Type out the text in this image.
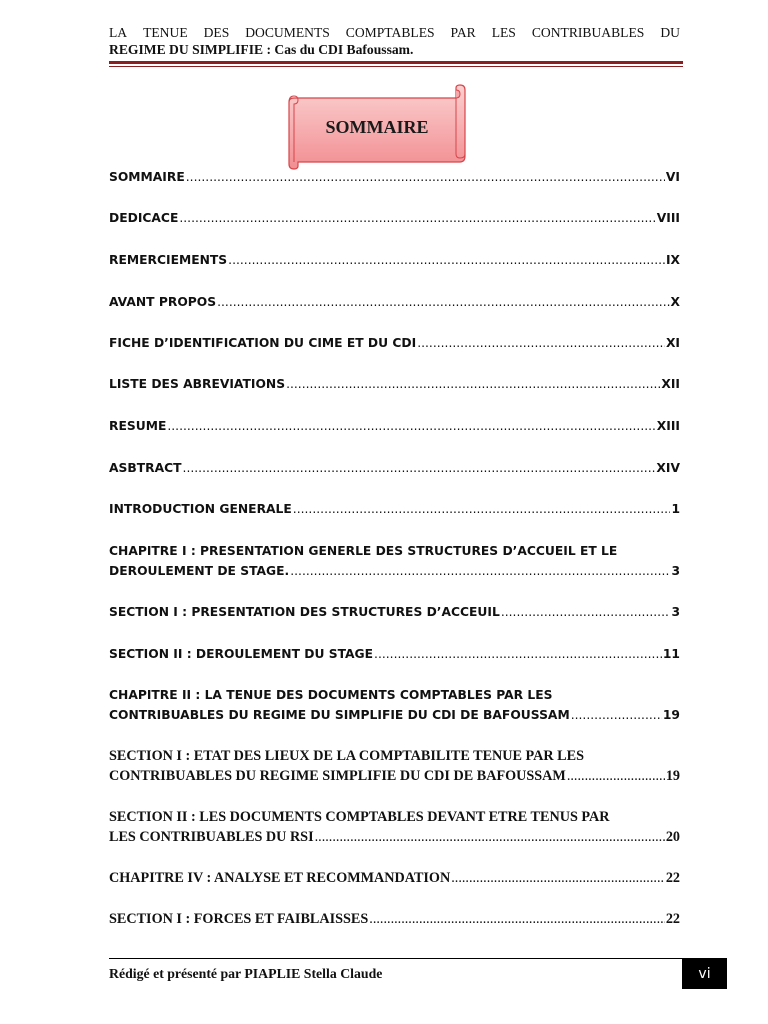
LA TENUE DES DOCUMENTS COMPTABLES PAR LES CONTRIBUABLES DU
REGIME DU SIMPLIFIE : Cas du CDI Bafoussam.
SOMMAIRE
SOMMAIRE .....	VI
DEDICACE .....	VIII
REMERCIEMENTS .....	IX
AVANT PROPOS .....	X
FICHE D’IDENTIFICATION DU CIME ET DU CDI .....	XI
LISTE DES ABREVIATIONS .....	XII
RESUME .....	XIII
ASBTRACT .....	XIV
INTRODUCTION GENERALE .....	1
CHAPITRE I : PRESENTATION GENERLE DES STRUCTURES D’ACCUEIL ET LE
DEROULEMENT DE STAGE. .....	3
SECTION I : PRESENTATION DES STRUCTURES D’ACCEUIL .....	3
SECTION II : DEROULEMENT DU STAGE .....	11
CHAPITRE II : LA TENUE DES DOCUMENTS COMPTABLES PAR LES
CONTRIBUABLES DU REGIME DU SIMPLIFIE DU CDI DE BAFOUSSAM .....	19
SECTION I : ETAT DES LIEUX DE LA COMPTABILITE TENUE PAR LES
CONTRIBUABLES DU REGIME SIMPLIFIE DU CDI DE BAFOUSSAM .....	19
SECTION II : LES DOCUMENTS COMPTABLES DEVANT ETRE TENUS PAR
LES CONTRIBUABLES DU RSI .....	20
CHAPITRE IV : ANALYSE ET RECOMMANDATION .....	22
SECTION I : FORCES ET FAIBLAISSES .....	22
Rédigé et présenté par PIAPLIE Stella Claude	vi
